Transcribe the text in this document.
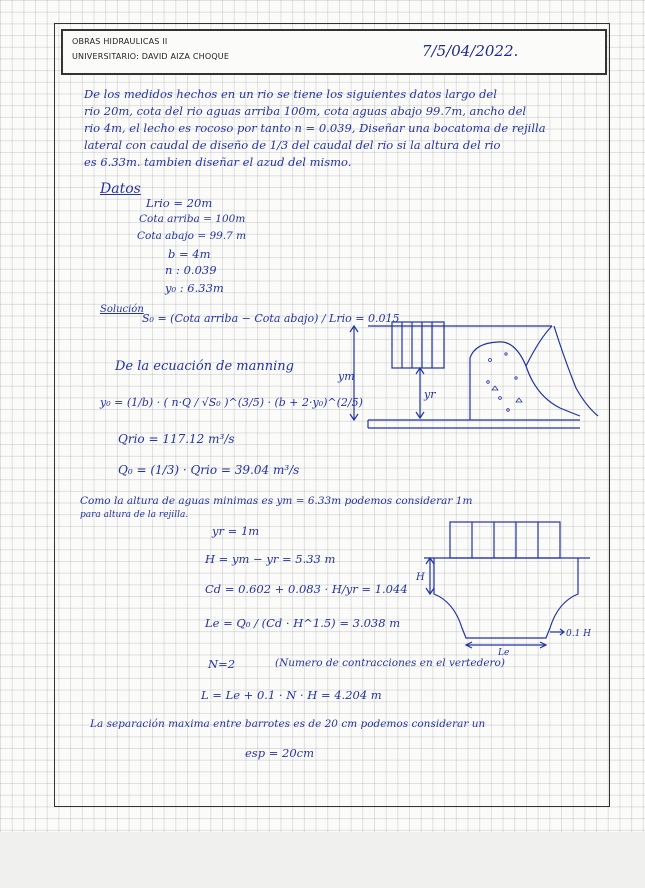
OBRAS HIDRAULICAS II
UNIVERSITARIO: DAVID AIZA CHOQUE	7/5/04/2022.
De los medidos hechos en un rio se tiene los siguientes datos largo del
rio 20m, cota del rio aguas arriba 100m, cota aguas abajo 99.7m, ancho del
rio 4m, el lecho es rocoso por tanto n = 0.039, Diseñar una bocatoma de rejilla
lateral con caudal de diseño de 1/3 del caudal del rio si la altura del rio
es 6.33m. tambien diseñar el azud del mismo.
Datos
Lrio = 20m
Cota arriba = 100m
Cota abajo = 99.7 m
b = 4m
n : 0.039
y₀ : 6.33m
Solución
S₀ = (Cota arriba − Cota abajo) / Lrio = 0.015
De la ecuación de manning
y₀ = (1/b) · ( n·Q / √S₀ )^(3/5) · (b + 2·y₀)^(2/5)
Qrio = 117.12 m³/s
Q₀ = (1/3) · Qrio = 39.04 m³/s
Como la altura de aguas minimas es ym = 6.33m podemos considerar 1m
para altura de la rejilla.
yr = 1m
H = ym − yr = 5.33 m
Cd = 0.602 + 0.083 · H/yr = 1.044
Le = Q₀ / (Cd · H^1.5) = 3.038 m
N=2	(Numero de contracciones en el vertedero)
L = Le + 0.1 · N · H = 4.204 m
La separación maxima entre barrotes es de 20 cm podemos considerar un
esp = 20cm
ym
yr
H
Le
0.1 H
